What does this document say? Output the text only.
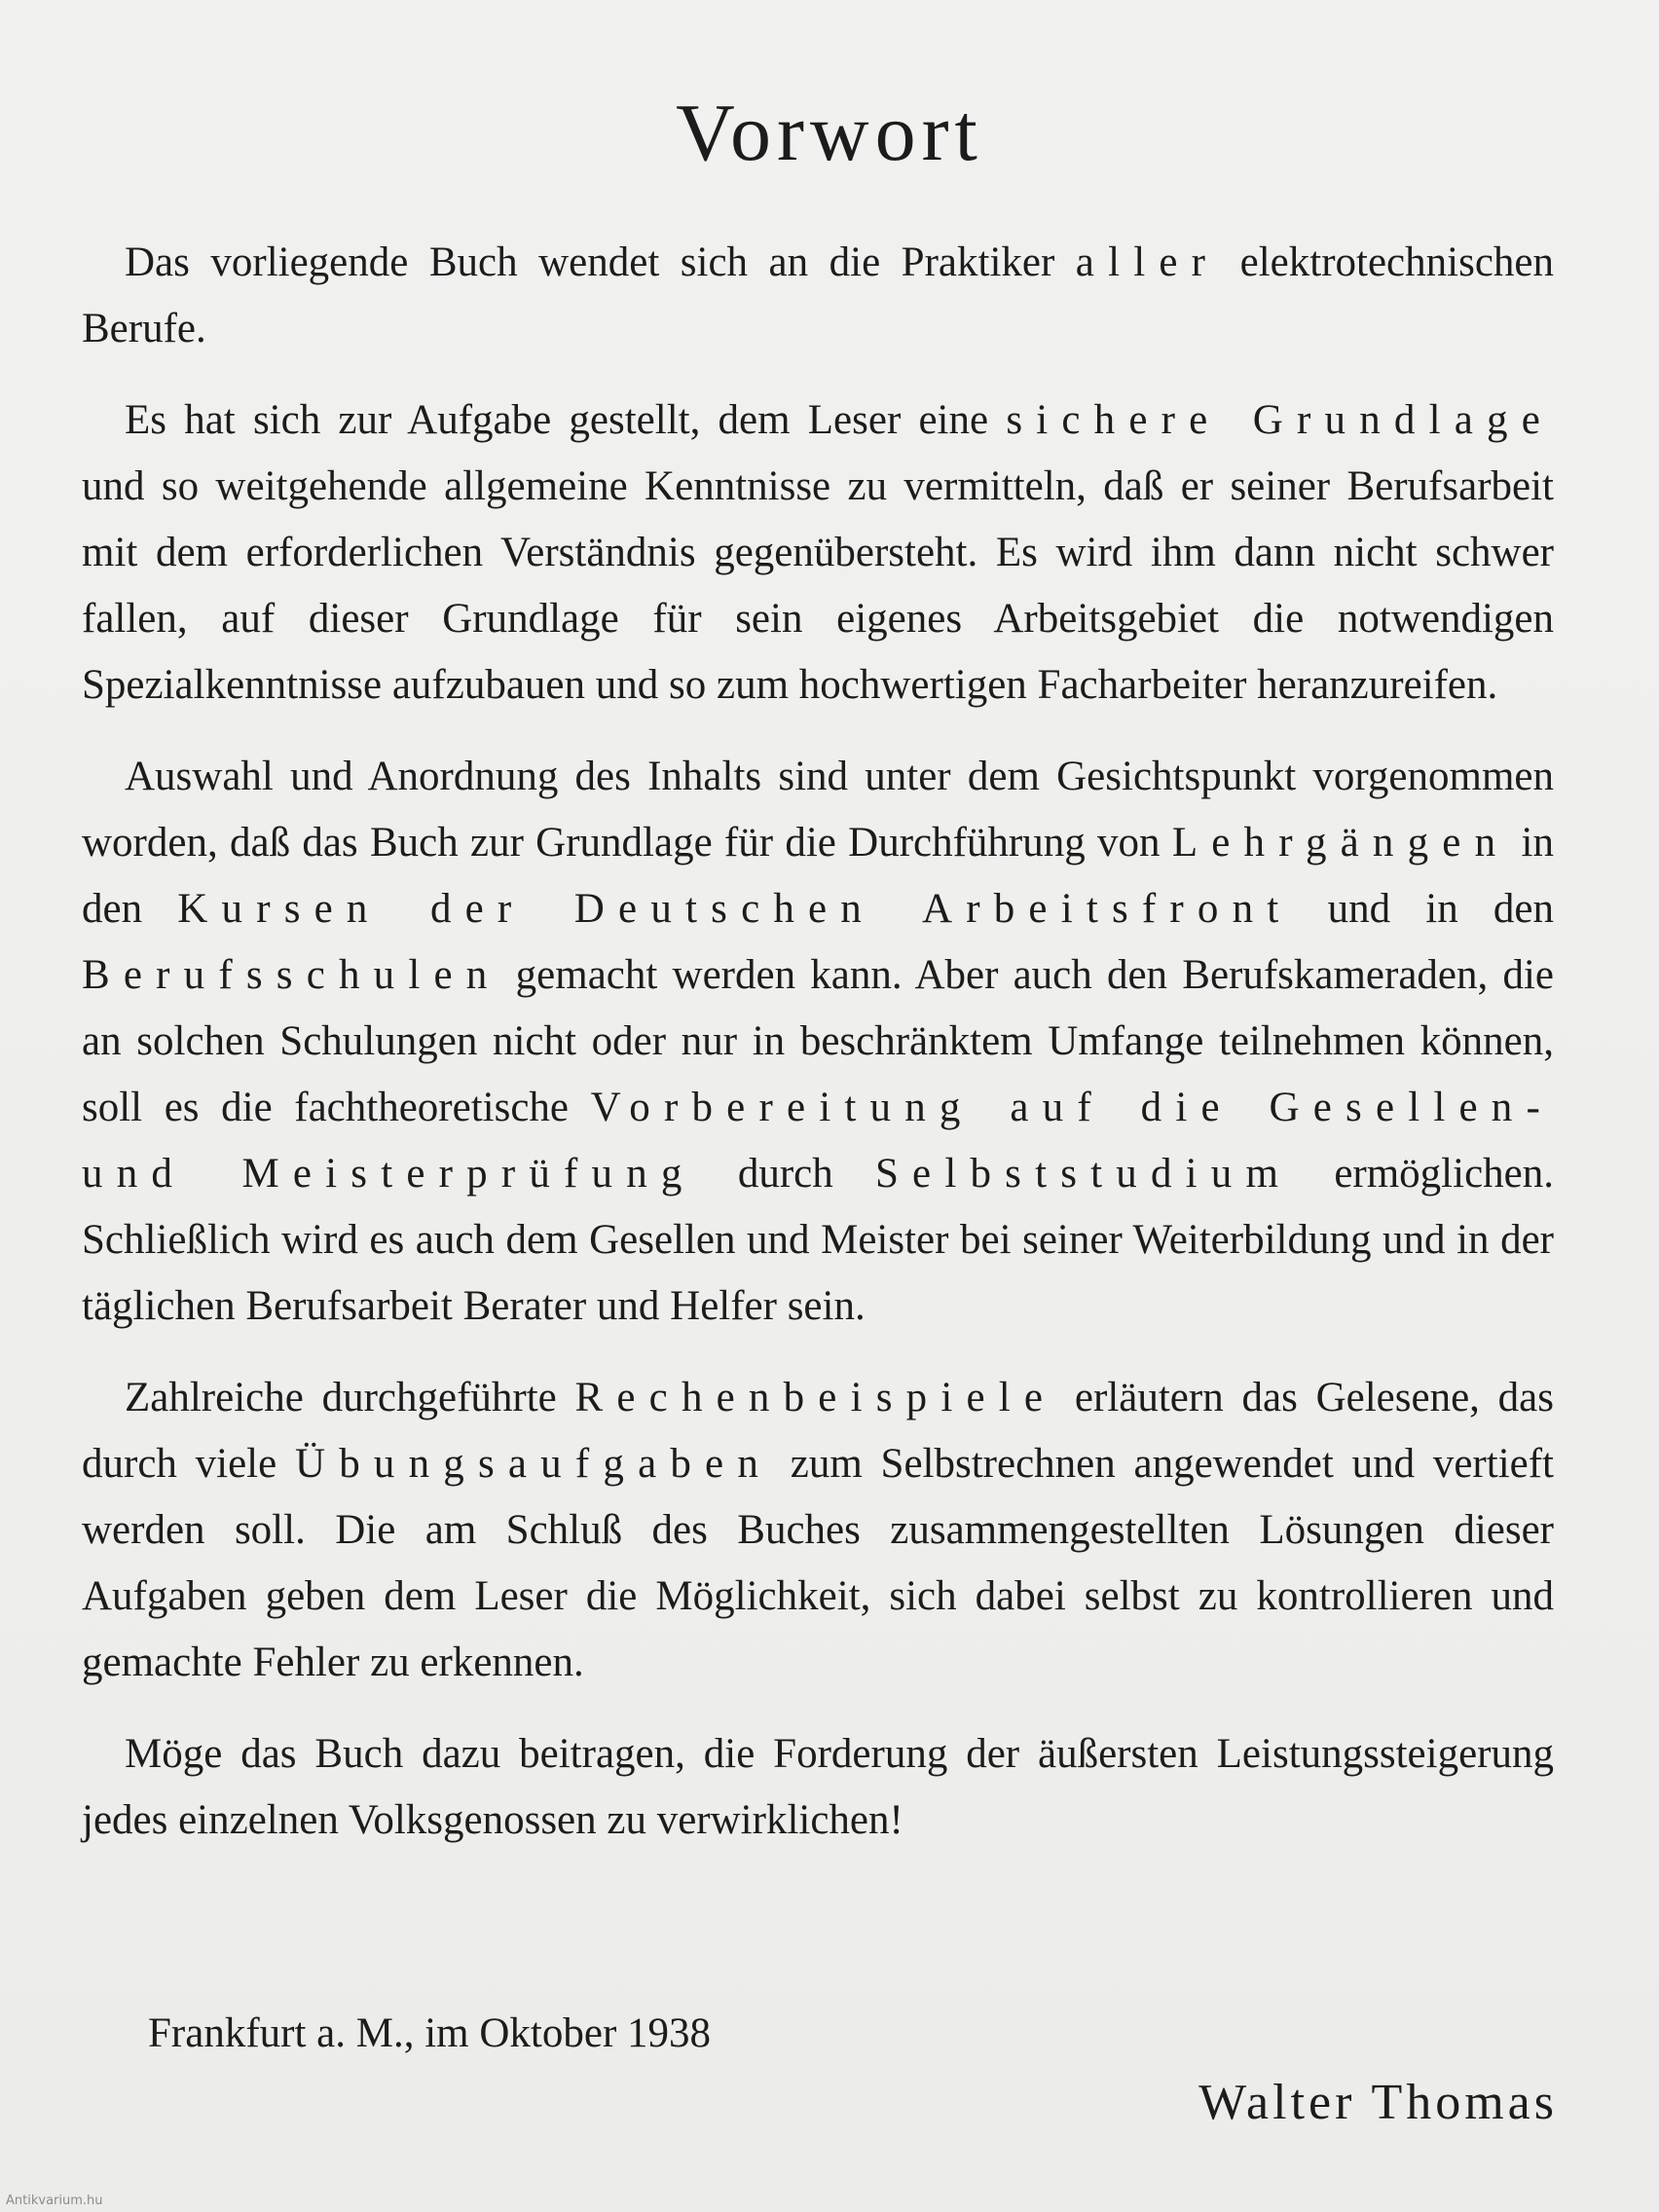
Vorwort

Das vorliegende Buch wendet sich an die Praktiker aller elektrotechnischen Berufe.

Es hat sich zur Aufgabe gestellt, dem Leser eine sichere Grundlage und so weitgehende allgemeine Kenntnisse zu vermitteln, daß er seiner Berufsarbeit mit dem erforderlichen Verständnis gegenübersteht. Es wird ihm dann nicht schwer fallen, auf dieser Grundlage für sein eigenes Arbeitsgebiet die notwendigen Spezialkenntnisse aufzubauen und so zum hochwertigen Facharbeiter heranzureifen.

Auswahl und Anordnung des Inhalts sind unter dem Gesichtspunkt vorgenommen worden, daß das Buch zur Grundlage für die Durchführung von Lehrgängen in den Kursen der Deutschen Arbeitsfront und in den Berufsschulen gemacht werden kann. Aber auch den Berufskameraden, die an solchen Schulungen nicht oder nur in beschränktem Umfange teilnehmen können, soll es die fachtheoretische Vorbereitung auf die Gesellen- und Meisterprüfung durch Selbststudium ermöglichen. Schließlich wird es auch dem Gesellen und Meister bei seiner Weiterbildung und in der täglichen Berufsarbeit Berater und Helfer sein.

Zahlreiche durchgeführte Rechenbeispiele erläutern das Gelesene, das durch viele Übungsaufgaben zum Selbstrechnen angewendet und vertieft werden soll. Die am Schluß des Buches zusammengestellten Lösungen dieser Aufgaben geben dem Leser die Möglichkeit, sich dabei selbst zu kontrollieren und gemachte Fehler zu erkennen.

Möge das Buch dazu beitragen, die Forderung der äußersten Leistungssteigerung jedes einzelnen Volksgenossen zu verwirklichen!

Frankfurt a. M., im Oktober 1938
Walter Thomas
Antikvarium.hu
